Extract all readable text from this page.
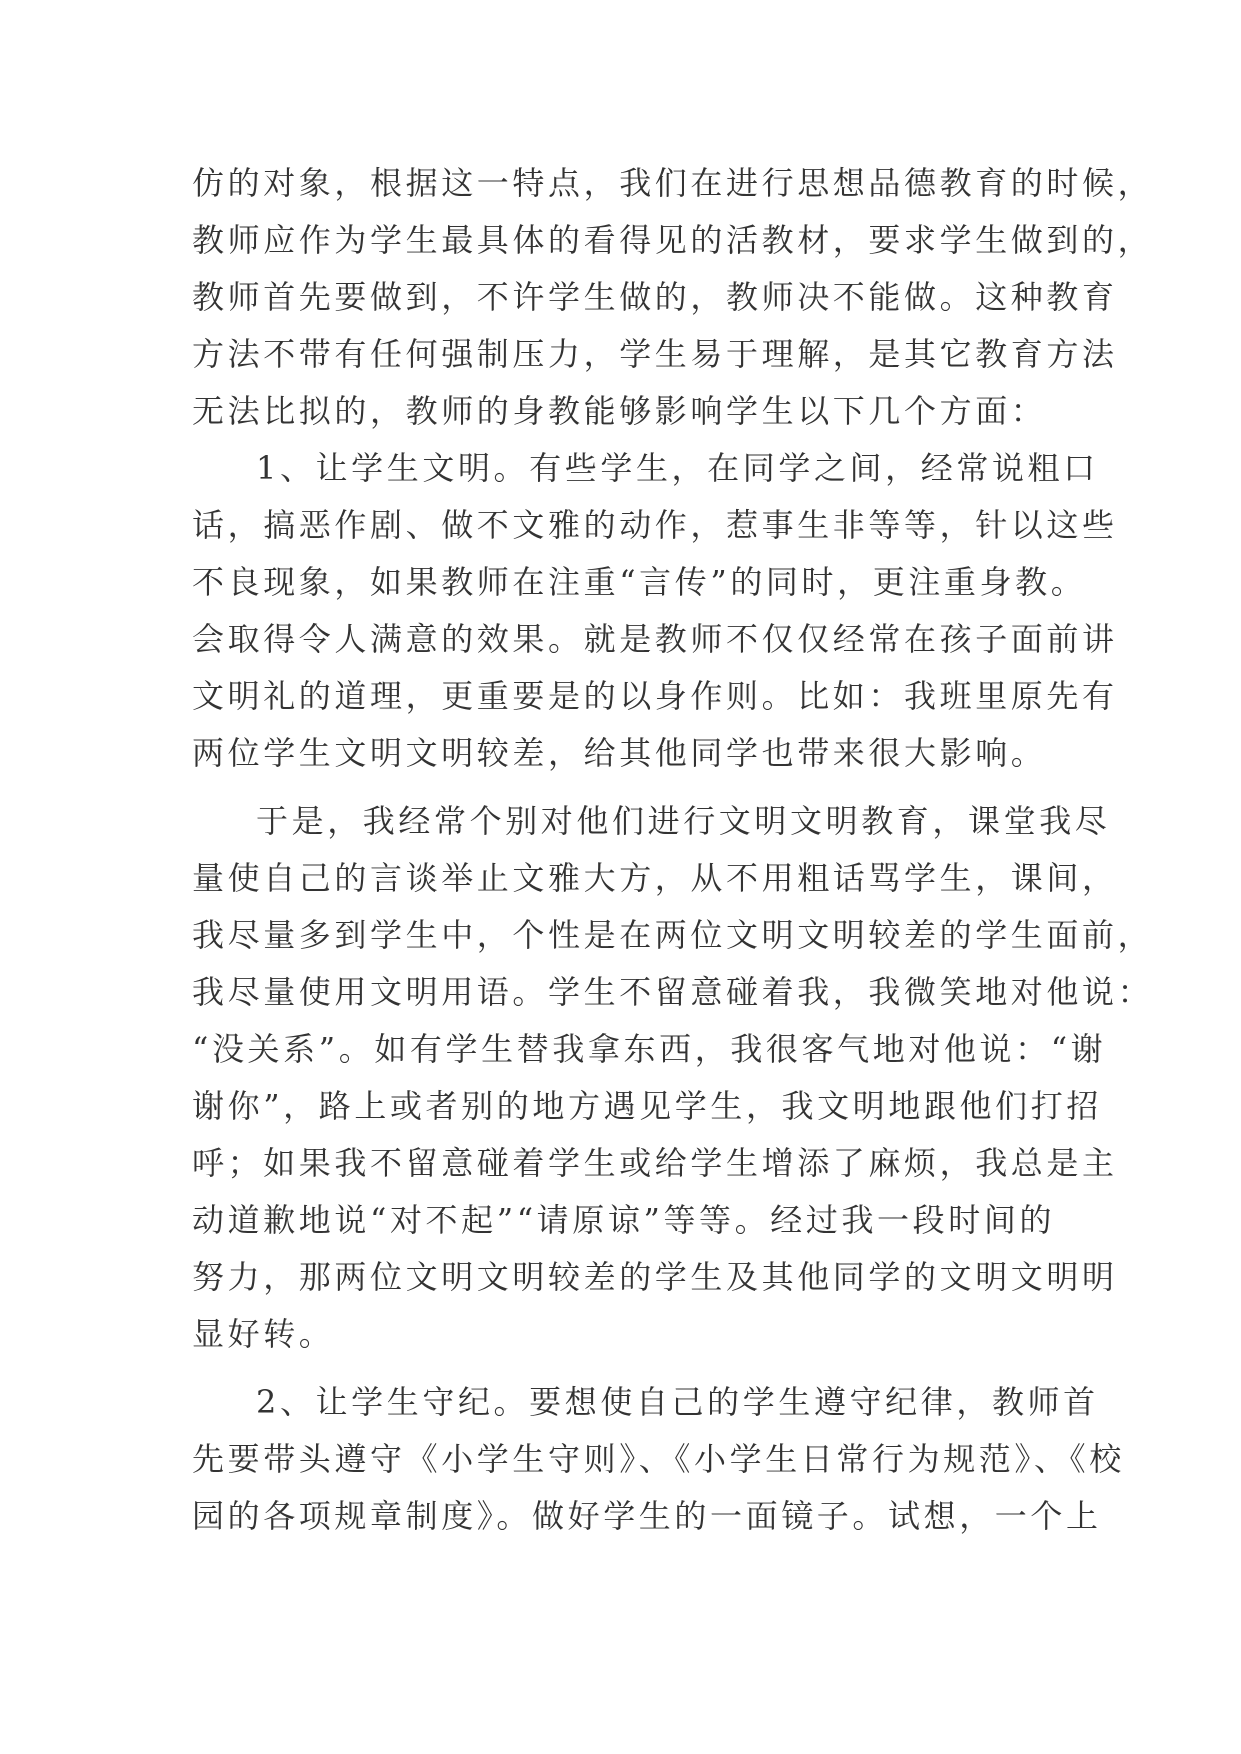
仿的对象，根据这一特点，我们在进行思想品德教育的时候，
教师应作为学生最具体的看得见的活教材，要求学生做到的，
教师首先要做到，不许学生做的，教师决不能做。这种教育
方法不带有任何强制压力，学生易于理解，是其它教育方法
无法比拟的，教师的身教能够影响学生以下几个方面：
1、让学生文明。有些学生，在同学之间，经常说粗口
话，搞恶作剧、做不文雅的动作，惹事生非等等，针以这些
不良现象，如果教师在注重“言传”的同时，更注重身教。
会取得令人满意的效果。就是教师不仅仅经常在孩子面前讲
文明礼的道理，更重要是的以身作则。比如：我班里原先有
两位学生文明文明较差，给其他同学也带来很大影响。
于是，我经常个别对他们进行文明文明教育，课堂我尽
量使自己的言谈举止文雅大方，从不用粗话骂学生，课间，
我尽量多到学生中，个性是在两位文明文明较差的学生面前，
我尽量使用文明用语。学生不留意碰着我，我微笑地对他说：
“没关系”。如有学生替我拿东西，我很客气地对他说：“谢
谢你”，路上或者别的地方遇见学生，我文明地跟他们打招
呼；如果我不留意碰着学生或给学生增添了麻烦，我总是主
动道歉地说“对不起”“请原谅”等等。经过我一段时间的
努力，那两位文明文明较差的学生及其他同学的文明文明明
显好转。
2、让学生守纪。要想使自己的学生遵守纪律，教师首
先要带头遵守《小学生守则》、《小学生日常行为规范》、《校
园的各项规章制度》。做好学生的一面镜子。试想，一个上
